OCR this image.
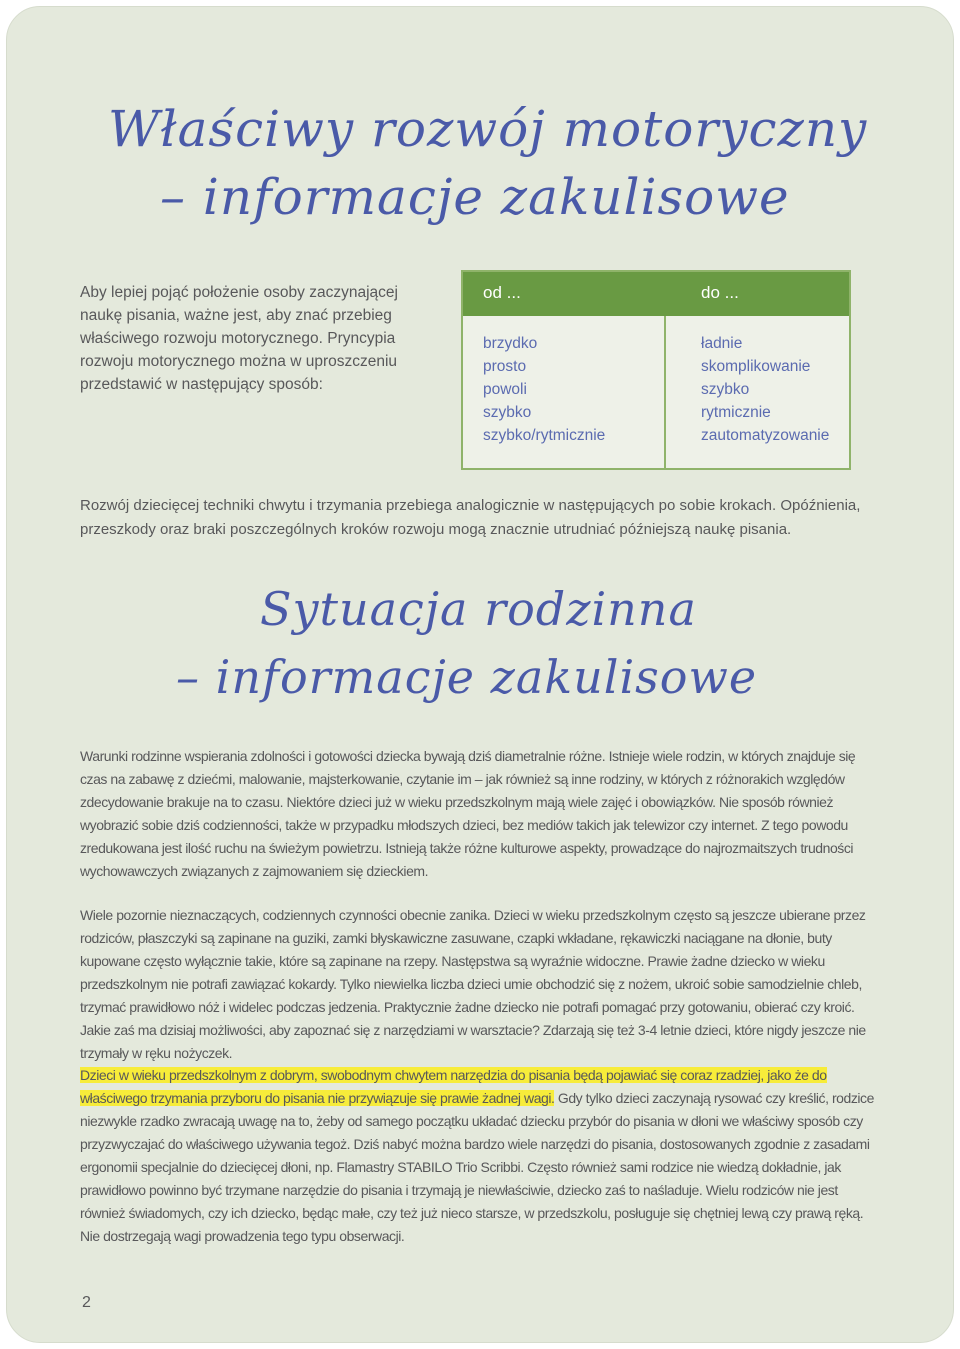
Właściwy rozwój motoryczny
– informacje zakulisowe

Aby lepiej pojąć położenie osoby zaczynającej naukę pisania, ważne jest, aby znać przebieg właściwego rozwoju motorycznego. Pryncypia rozwoju motorycznego można w uproszczeniu przedstawić w następujący sposób:

od ...	do ...
brzydko
prosto
powoli
szybko
szybko/rytmicznie
ładnie
skomplikowanie
szybko
rytmicznie
zautomatyzowanie

Rozwój dziecięcej techniki chwytu i trzymania przebiega analogicznie w następujących po sobie krokach. Opóźnienia, przeszkody oraz braki poszczególnych kroków rozwoju mogą znacznie utrudniać późniejszą naukę pisania.

Sytuacja rodzinna
– informacje zakulisowe

Warunki rodzinne wspierania zdolności i gotowości dziecka bywają dziś diametralnie różne. Istnieje wiele rodzin, w których znajduje się czas na zabawę z dziećmi, malowanie, majsterkowanie, czytanie im – jak również są inne rodziny, w których z różnorakich względów zdecydowanie brakuje na to czasu. Niektóre dzieci już w wieku przedszkolnym mają wiele zajęć i obowiązków. Nie sposób również wyobrazić sobie dziś codzienności, także w przypadku młodszych dzieci, bez mediów takich jak telewizor czy internet. Z tego powodu zredukowana jest ilość ruchu na świeżym powietrzu. Istnieją także różne kulturowe aspekty, prowadzące do najrozmaitszych trudności wychowawczych związanych z zajmowaniem się dzieckiem.

Wiele pozornie nieznaczących, codziennych czynności obecnie zanika. Dzieci w wieku przedszkolnym często są jeszcze ubierane przez rodziców, płaszczyki są zapinane na guziki, zamki błyskawiczne zasuwane, czapki wkładane, rękawiczki naciągane na dłonie, buty kupowane często wyłącznie takie, które są zapinane na rzepy. Następstwa są wyraźnie widoczne. Prawie żadne dziecko w wieku przedszkolnym nie potrafi zawiązać kokardy. Tylko niewielka liczba dzieci umie obchodzić się z nożem, ukroić sobie samodzielnie chleb, trzymać prawidłowo nóż i widelec podczas jedzenia. Praktycznie żadne dziecko nie potrafi pomagać przy gotowaniu, obierać czy kroić. Jakie zaś ma dzisiaj możliwości, aby zapoznać się z narzędziami w warsztacie? Zdarzają się też 3-4 letnie dzieci, które nigdy jeszcze nie trzymały w ręku nożyczek.

Dzieci w wieku przedszkolnym z dobrym, swobodnym chwytem narzędzia do pisania będą pojawiać się coraz rzadziej, jako że do właściwego trzymania przyboru do pisania nie przywiązuje się prawie żadnej wagi. Gdy tylko dzieci zaczynają rysować czy kreślić, rodzice niezwykle rzadko zwracają uwagę na to, żeby od samego początku układać dziecku przybór do pisania w dłoni we właściwy sposób czy przyzwyczajać do właściwego używania tegoż. Dziś nabyć można bardzo wiele narzędzi do pisania, dostosowanych zgodnie z zasadami ergonomii specjalnie do dziecięcej dłoni, np. Flamastry STABILO Trio Scribbi. Często również sami rodzice nie wiedzą dokładnie, jak prawidłowo powinno być trzymane narzędzie do pisania i trzymają je niewłaściwie, dziecko zaś to naśladuje. Wielu rodziców nie jest również świadomych, czy ich dziecko, będąc małe, czy też już nieco starsze, w przedszkolu, posługuje się chętniej lewą czy prawą ręką. Nie dostrzegają wagi prowadzenia tego typu obserwacji.

2
